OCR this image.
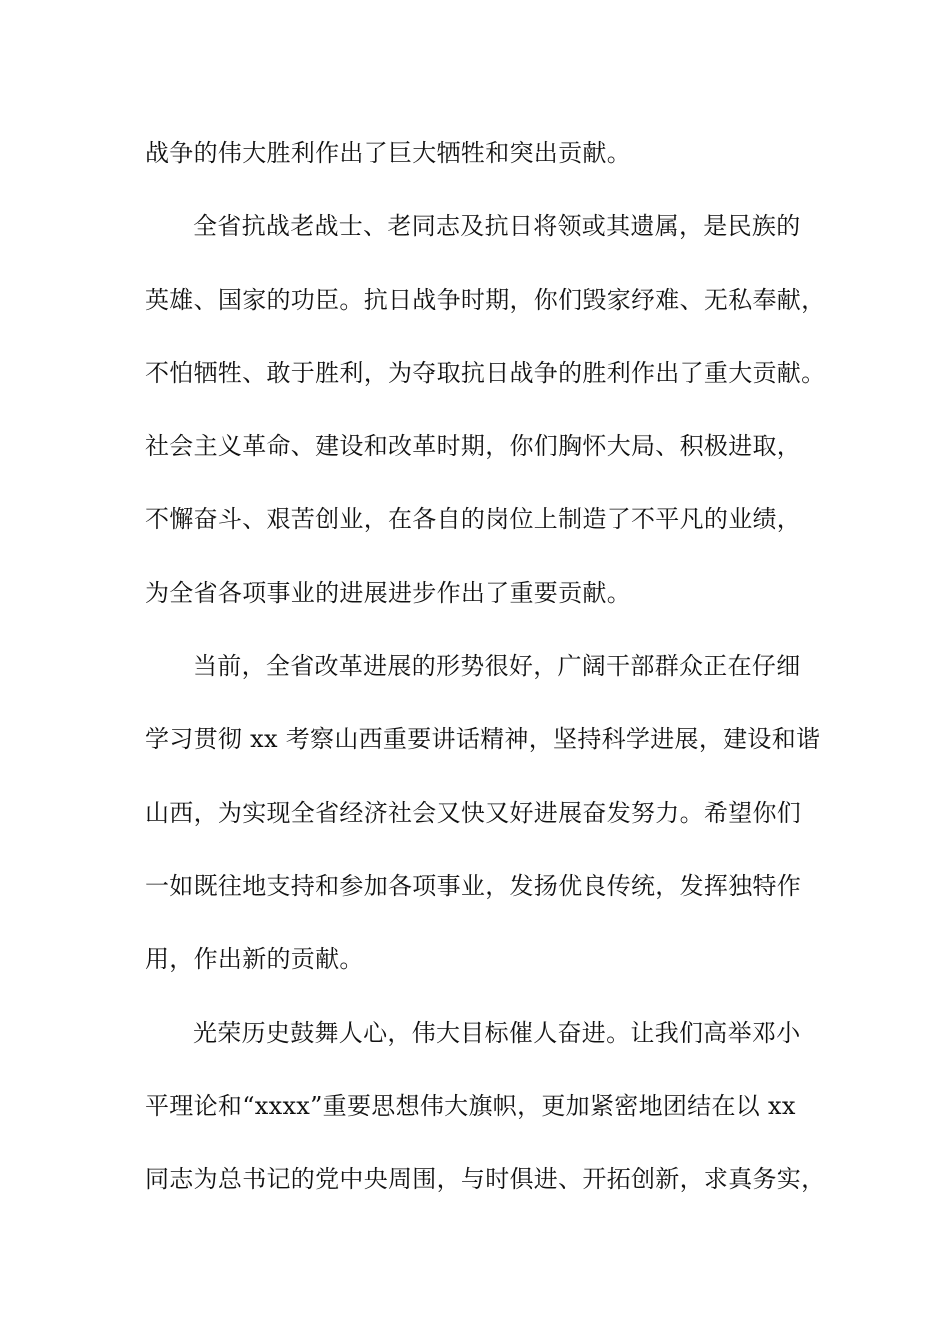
战争的伟大胜利作出了巨大牺牲和突出贡献。
全省抗战老战士、老同志及抗日将领或其遗属，是民族的
英雄、国家的功臣。抗日战争时期，你们毁家纾难、无私奉献，
不怕牺牲、敢于胜利，为夺取抗日战争的胜利作出了重大贡献。
社会主义革命、建设和改革时期，你们胸怀大局、积极进取，
不懈奋斗、艰苦创业，在各自的岗位上制造了不平凡的业绩，
为全省各项事业的进展进步作出了重要贡献。
当前，全省改革进展的形势很好，广阔干部群众正在仔细
学习贯彻 xx 考察山西重要讲话精神，坚持科学进展，建设和谐
山西，为实现全省经济社会又快又好进展奋发努力。希望你们
一如既往地支持和参加各项事业，发扬优良传统，发挥独特作
用，作出新的贡献。
光荣历史鼓舞人心，伟大目标催人奋进。让我们高举邓小
平理论和“xxxx”重要思想伟大旗帜，更加紧密地团结在以 xx
同志为总书记的党中央周围，与时俱进、开拓创新，求真务实，
